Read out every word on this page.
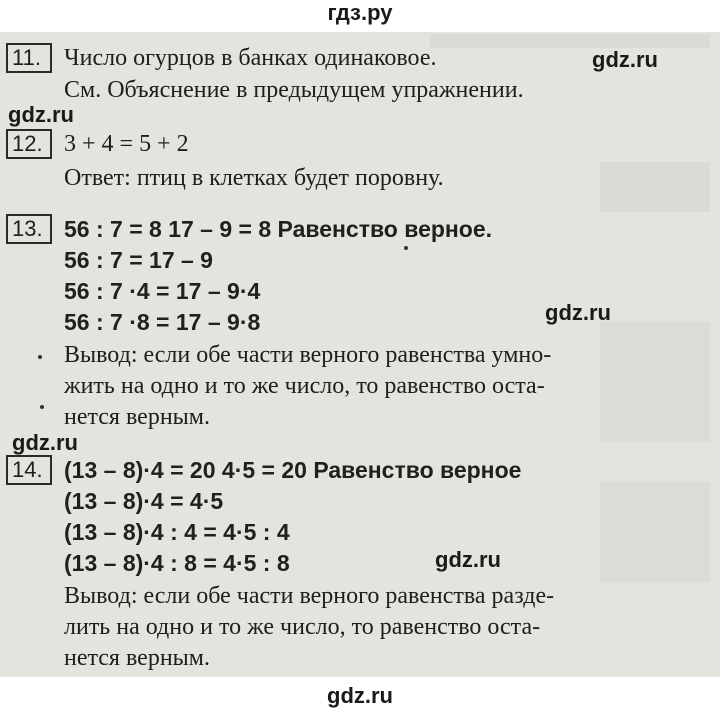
гдз.ру
11. Число огурцов в банках одинаковое.
См. Объяснение в предыдущем упражнении.
12. 3 + 4 = 5 + 2
Ответ: птиц в клетках будет поровну.
13. 56 : 7 = 8 17 – 9 = 8 Равенство верное.
56 : 7 = 17 – 9
56 : 7 ·4 = 17 – 9·4
56 : 7 ·8 = 17 – 9·8
Вывод: если обе части верного равенства умно-
жить на одно и то же число, то равенство оста-
нется верным.
14. (13 – 8)·4 = 20 4·5 = 20 Равенство верное
(13 – 8)·4 = 4·5
(13 – 8)·4 : 4 = 4·5 : 4
(13 – 8)·4 : 8 = 4·5 : 8
Вывод: если обе части верного равенства разде-
лить на одно и то же число, то равенство оста-
нется верным.
gdz.ru
gdz.ru
gdz.ru
gdz.ru
gdz.ru
gdz.ru
